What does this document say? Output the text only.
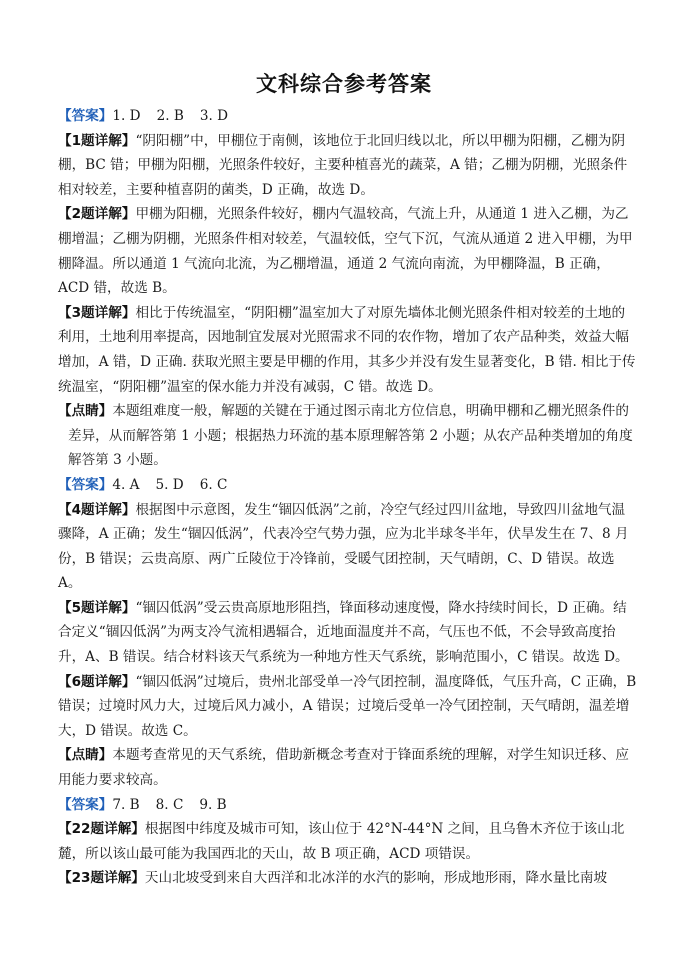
文科综合参考答案
【答案】1. D 2. B 3. D
【1题详解】“阴阳棚”中，甲棚位于南侧，该地位于北回归线以北，所以甲棚为阳棚，乙棚为阴棚，BC 错；甲棚为阳棚，光照条件较好，主要种植喜光的蔬菜，A 错；乙棚为阴棚，光照条件相对较差，主要种植喜阴的菌类，D 正确，故选 D。
【2题详解】甲棚为阳棚，光照条件较好，棚内气温较高，气流上升，从通道 1 进入乙棚，为乙棚增温；乙棚为阴棚，光照条件相对较差，气温较低，空气下沉，气流从通道 2 进入甲棚，为甲棚降温。所以通道 1 气流向北流，为乙棚增温，通道 2 气流向南流，为甲棚降温，B 正确，ACD 错，故选 B。
【3题详解】相比于传统温室，“阴阳棚”温室加大了对原先墙体北侧光照条件相对较差的土地的利用，土地利用率提高，因地制宜发展对光照需求不同的农作物，增加了农产品种类，效益大幅增加，A 错，D 正确. 获取光照主要是甲棚的作用，其多少并没有发生显著变化，B 错. 相比于传统温室，“阴阳棚”温室的保水能力并没有减弱，C 错。故选 D。
【点睛】本题组难度一般，解题的关键在于通过图示南北方位信息，明确甲棚和乙棚光照条件的差异，从而解答第 1 小题；根据热力环流的基本原理解答第 2 小题；从农产品种类增加的角度解答第 3 小题。
【答案】4. A 5. D 6. C
【4题详解】根据图中示意图，发生“锢囚低涡”之前，冷空气经过四川盆地，导致四川盆地气温骤降，A 正确；发生“锢囚低涡”，代表冷空气势力强，应为北半球冬半年，伏旱发生在 7、8 月份，B 错误；云贵高原、两广丘陵位于冷锋前，受暖气团控制，天气晴朗，C、D 错误。故选 A。
【5题详解】“锢囚低涡”受云贵高原地形阻挡，锋面移动速度慢，降水持续时间长，D 正确。结合定义“锢囚低涡”为两支冷气流相遇辐合，近地面温度并不高，气压也不低，不会导致高度抬升，A、B 错误。结合材料该天气系统为一种地方性天气系统，影响范围小，C 错误。故选 D。
【6题详解】“锢囚低涡”过境后，贵州北部受单一冷气团控制，温度降低，气压升高，C 正确，B 错误；过境时风力大，过境后风力减小，A 错误；过境后受单一冷气团控制，天气晴朗，温差增大，D 错误。故选 C。
【点睛】本题考查常见的天气系统，借助新概念考查对于锋面系统的理解，对学生知识迁移、应用能力要求较高。
【答案】7. B 8. C 9. B
【22题详解】根据图中纬度及城市可知，该山位于 42°N-44°N 之间，且乌鲁木齐位于该山北麓，所以该山最可能为我国西北的天山，故 B 项正确，ACD 项错误。
【23题详解】天山北坡受到来自大西洋和北冰洋的水汽的影响，形成地形雨，降水量比南坡
